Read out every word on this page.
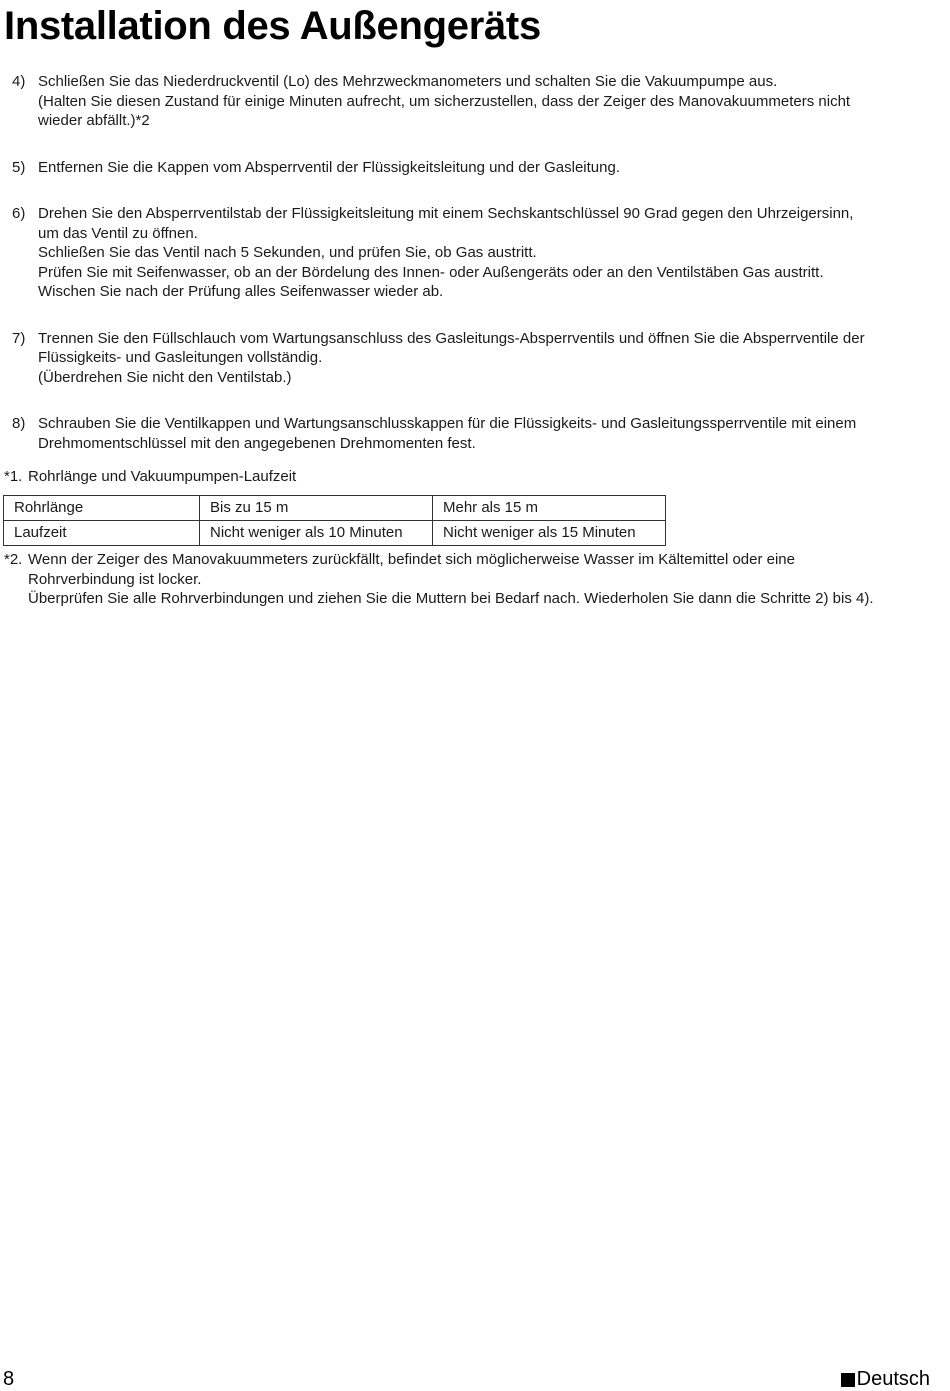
Installation des Außengeräts
4) Schließen Sie das Niederdruckventil (Lo) des Mehrzweckmanometers und schalten Sie die Vakuumpumpe aus.
(Halten Sie diesen Zustand für einige Minuten aufrecht, um sicherzustellen, dass der Zeiger des Manovakuummeters nicht
wieder abfällt.)*2
5) Entfernen Sie die Kappen vom Absperrventil der Flüssigkeitsleitung und der Gasleitung.
6) Drehen Sie den Absperrventilstab der Flüssigkeitsleitung mit einem Sechskantschlüssel 90 Grad gegen den Uhrzeigersinn,
um das Ventil zu öffnen.
Schließen Sie das Ventil nach 5 Sekunden, und prüfen Sie, ob Gas austritt.
Prüfen Sie mit Seifenwasser, ob an der Bördelung des Innen- oder Außengeräts oder an den Ventilstäben Gas austritt.
Wischen Sie nach der Prüfung alles Seifenwasser wieder ab.
7) Trennen Sie den Füllschlauch vom Wartungsanschluss des Gasleitungs-Absperrventils und öffnen Sie die Absperrventile der
Flüssigkeits- und Gasleitungen vollständig.
(Überdrehen Sie nicht den Ventilstab.)
8) Schrauben Sie die Ventilkappen und Wartungsanschlusskappen für die Flüssigkeits- und Gasleitungssperrventile mit einem
Drehmomentschlüssel mit den angegebenen Drehmomenten fest.
*1. Rohrlänge und Vakuumpumpen-Laufzeit
Rohrlänge	Bis zu 15 m	Mehr als 15 m
Laufzeit	Nicht weniger als 10 Minuten	Nicht weniger als 15 Minuten
*2. Wenn der Zeiger des Manovakuummeters zurückfällt, befindet sich möglicherweise Wasser im Kältemittel oder eine
Rohrverbindung ist locker.
Überprüfen Sie alle Rohrverbindungen und ziehen Sie die Muttern bei Bedarf nach. Wiederholen Sie dann die Schritte 2) bis 4).
8	Deutsch
